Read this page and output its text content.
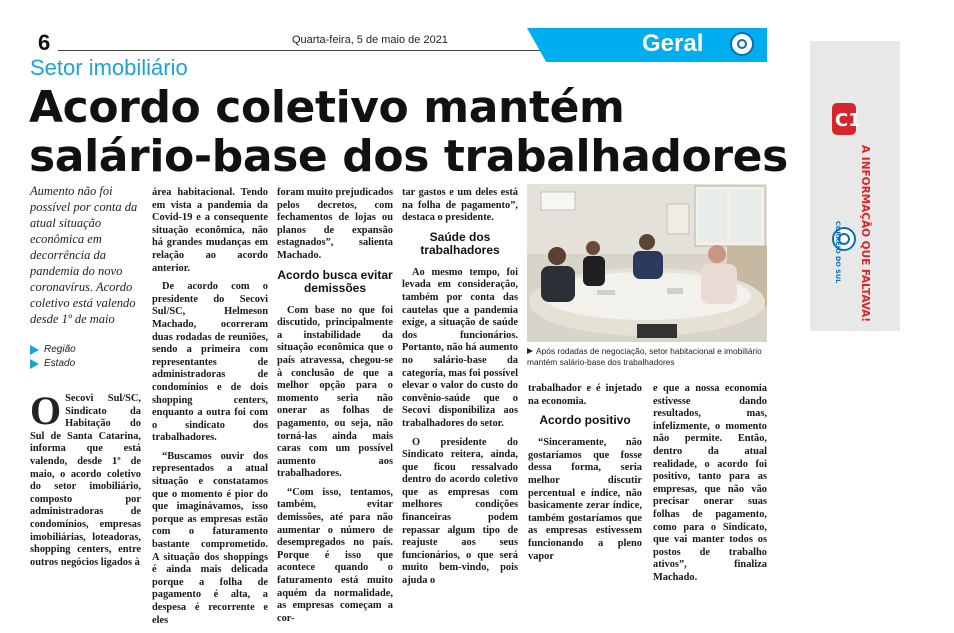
6	Quarta-feira, 5 de maio de 2021	Geral
Setor imobiliário
Acordo coletivo mantém
salário-base dos trabalhadores
Aumento não foi possível por conta da atual situação econômica em decorrência da pandemia do novo coronavírus. Acordo coletivo está valendo desde 1º de maio
Região
Estado
O Secovi Sul/SC, Sindicato da Habitação do Sul de Santa Catarina, informa que está valendo, desde 1º de maio, o acordo coletivo do setor imobiliário, composto por administradoras de condomínios, empresas imobiliárias, loteadoras, shopping centers, entre outros negócios ligados à

área habitacional. Tendo em vista a pandemia da Covid-19 e a consequente situação econômica, não há grandes mudanças em relação ao acordo anterior.

De acordo com o presidente do Secovi Sul/SC, Helmeson Machado, ocorreram duas rodadas de reuniões, sendo a primeira com representantes de administradoras de condomínios e de dois shopping centers, enquanto a outra foi com o sindicato dos trabalhadores.

“Buscamos ouvir dos representados a atual situação e constatamos que o momento é pior do que imaginávamos, isso porque as empresas estão com o faturamento bastante comprometido. A situação dos shoppings é ainda mais delicada porque a folha de pagamento é alta, a despesa é recorrente e eles

foram muito prejudicados pelos decretos, com fechamentos de lojas ou planos de expansão estagnados”, salienta Machado.

Acordo busca evitar demissões

Com base no que foi discutido, principalmente a instabilidade da situação econômica que o país atravessa, chegou-se à conclusão de que a melhor opção para o momento seria não onerar as folhas de pagamento, ou seja, não torná-las ainda mais caras com um possível aumento aos trabalhadores.

“Com isso, tentamos, também, evitar demissões, até para não aumentar o número de desempregados no país. Porque é isso que acontece quando o faturamento está muito aquém da normalidade, as empresas começam a cor-

tar gastos e um deles está na folha de pagamento”, destaca o presidente.

Saúde dos trabalhadores

Ao mesmo tempo, foi levada em consideração, também por conta das cautelas que a pandemia exige, a situação de saúde dos funcionários. Portanto, não há aumento no salário-base da categoria, mas foi possível elevar o valor do custo do convênio-saúde que o Secovi disponibiliza aos trabalhadores do setor.

O presidente do Sindicato reitera, ainda, que ficou ressalvado dentro do acordo coletivo que as empresas com melhores condições financeiras podem repassar algum tipo de reajuste aos seus funcionários, o que será muito bem-vindo, pois ajuda o

Após rodadas de negociação, setor habitacional e imobiliário mantém salário-base dos trabalhadores

trabalhador e é injetado na economia.

Acordo positivo

“Sinceramente, não gostaríamos que fosse dessa forma, seria melhor discutir percentual e índice, não basicamente zerar índice, também gostaríamos que as empresas estivessem funcionando a pleno vapor

e que a nossa economia estivesse dando resultados, mas, infelizmente, o momento não permite. Então, dentro da atual realidade, o acordo foi positivo, tanto para as empresas, que não vão precisar onerar suas folhas de pagamento, como para o Sindicato, que vai manter todos os postos de trabalho ativos”, finaliza Machado.

C1
A INFORMAÇÃO QUE FALTAVA!
CORREIO DO SUL
